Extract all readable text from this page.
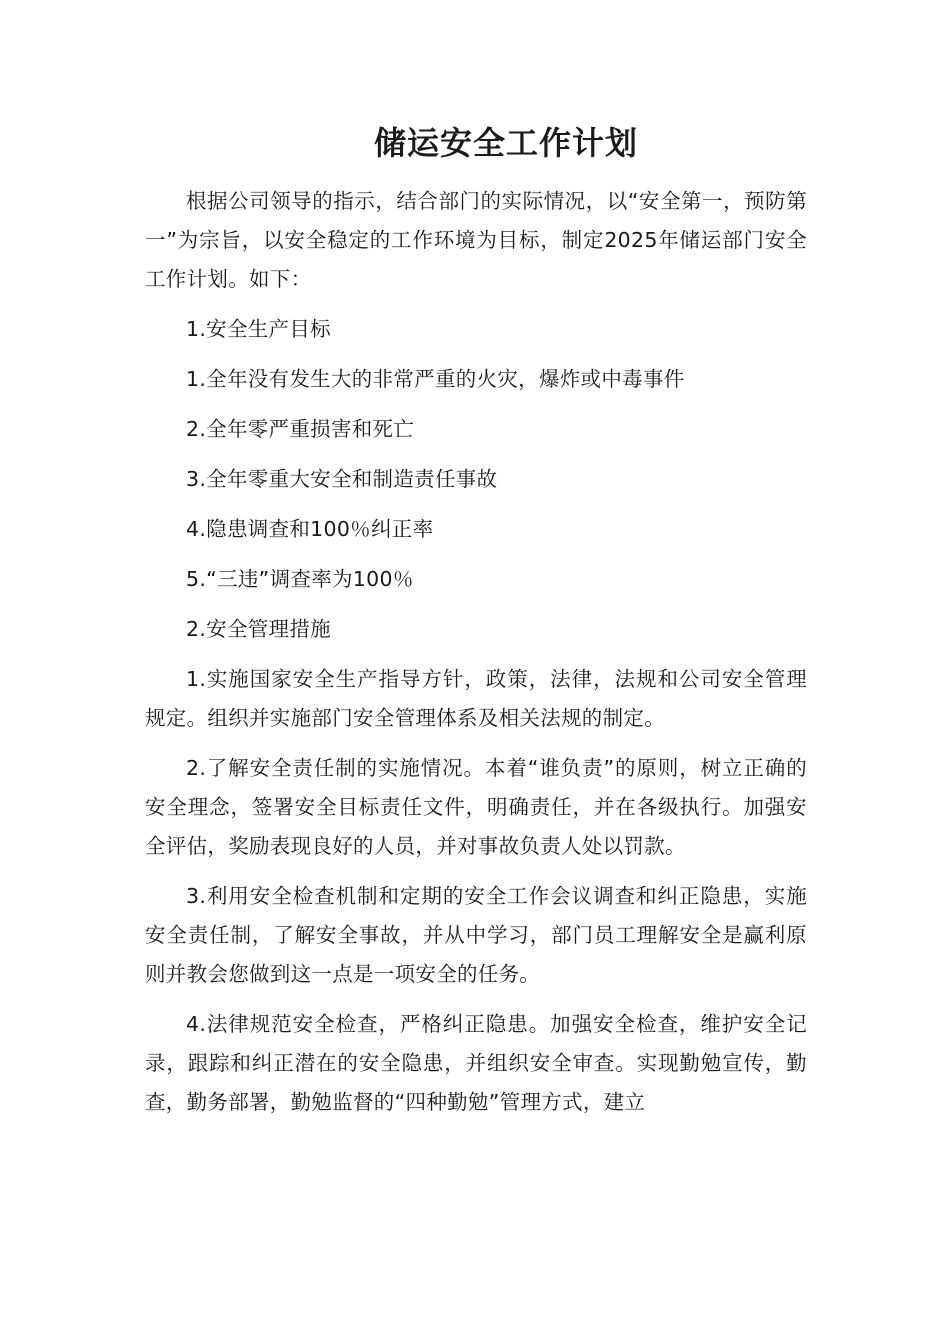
储运安全工作计划

根据公司领导的指示，结合部门的实际情况，以“安全第一，预防第一”为宗旨，以安全稳定的工作环境为目标，制定2025年储运部门安全工作计划。如下：

1.安全生产目标

1.全年没有发生大的非常严重的火灾，爆炸或中毒事件

2.全年零严重损害和死亡

3.全年零重大安全和制造责任事故

4.隐患调查和100％纠正率

5.“三违”调查率为100％

2.安全管理措施

1.实施国家安全生产指导方针，政策，法律，法规和公司安全管理规定。组织并实施部门安全管理体系及相关法规的制定。

2.了解安全责任制的实施情况。本着“谁负责”的原则，树立正确的安全理念，签署安全目标责任文件，明确责任，并在各级执行。加强安全评估，奖励表现良好的人员，并对事故负责人处以罚款。

3.利用安全检查机制和定期的安全工作会议调查和纠正隐患，实施安全责任制，了解安全事故，并从中学习，部门员工理解安全是赢利原则并教会您做到这一点是一项安全的任务。

4.法律规范安全检查，严格纠正隐患。加强安全检查，维护安全记录，跟踪和纠正潜在的安全隐患，并组织安全审查。实现勤勉宣传，勤查，勤务部署，勤勉监督的“四种勤勉”管理方式，建立
